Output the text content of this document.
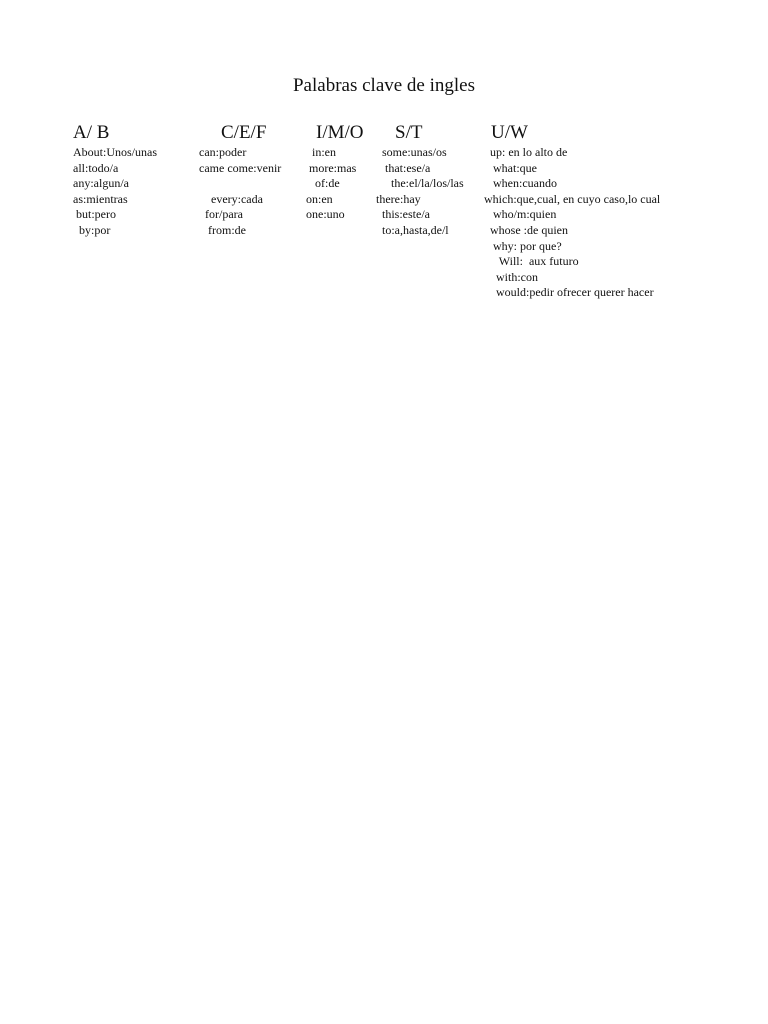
Palabras clave de ingles
A/ B
About:Unos/unas
all:todo/a
any:algun/a
as:mientras
but:pero
by:por
C/E/F
can:poder
came come:venir
every:cada
for/para
from:de
I/M/O
in:en
more:mas
of:de
on:en
one:uno
S/T
some:unas/os
that:ese/a
the:el/la/los/las
there:hay
this:este/a
to:a,hasta,de/l
U/W
up: en lo alto de
what:que
when:cuando
which:que,cual, en cuyo caso,lo cual
who/m:quien
whose :de quien
why: por que?
Will:  aux futuro
with:con
would:pedir ofrecer querer hacer
